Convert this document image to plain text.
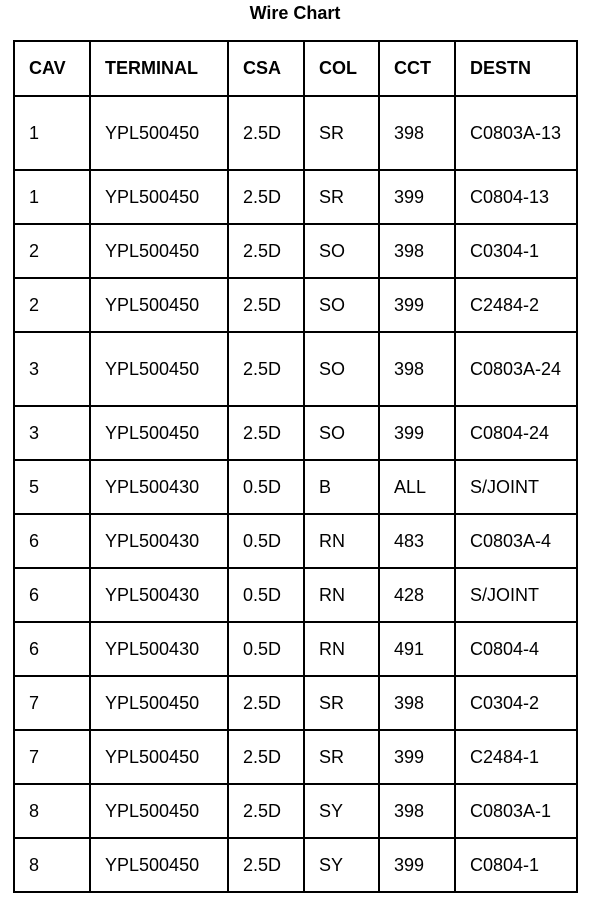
Wire Chart
CAV	TERMINAL	CSA	COL	CCT	DESTN
1	YPL500450	2.5D	SR	398	C0803A-13
1	YPL500450	2.5D	SR	399	C0804-13
2	YPL500450	2.5D	SO	398	C0304-1
2	YPL500450	2.5D	SO	399	C2484-2
3	YPL500450	2.5D	SO	398	C0803A-24
3	YPL500450	2.5D	SO	399	C0804-24
5	YPL500430	0.5D	B	ALL	S/JOINT
6	YPL500430	0.5D	RN	483	C0803A-4
6	YPL500430	0.5D	RN	428	S/JOINT
6	YPL500430	0.5D	RN	491	C0804-4
7	YPL500450	2.5D	SR	398	C0304-2
7	YPL500450	2.5D	SR	399	C2484-1
8	YPL500450	2.5D	SY	398	C0803A-1
8	YPL500450	2.5D	SY	399	C0804-1
